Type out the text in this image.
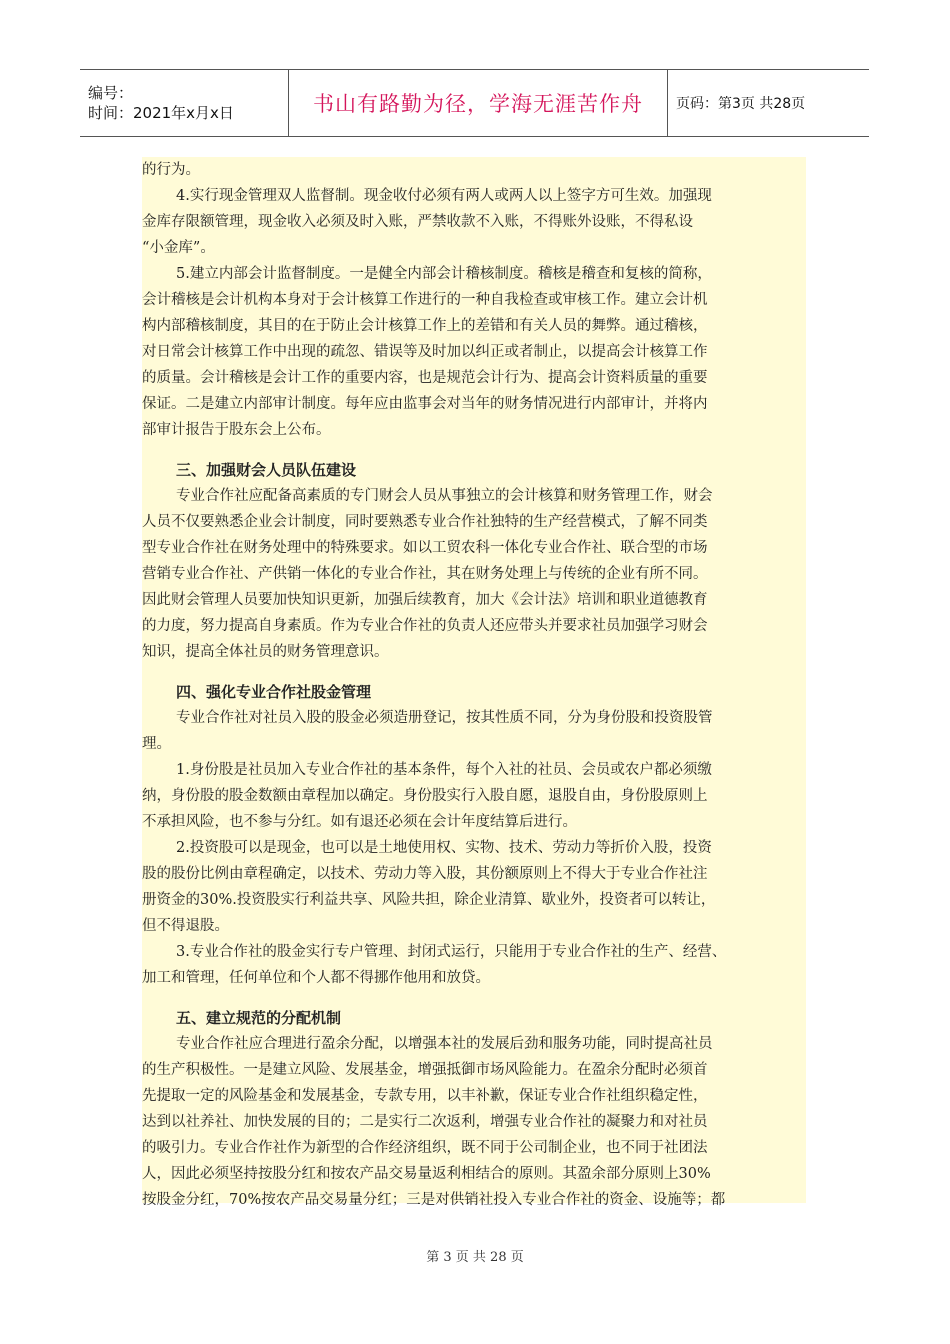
编号：
时间：2021年x月x日	书山有路勤为径，学海无涯苦作舟 页码：第3页 共28页
的行为。
4.实行现金管理双人监督制。现金收付必须有两人或两人以上签字方可生效。加强现
金库存限额管理，现金收入必须及时入账，严禁收款不入账，不得账外设账，不得私设
“小金库”。
5.建立内部会计监督制度。一是健全内部会计稽核制度。稽核是稽查和复核的简称，
会计稽核是会计机构本身对于会计核算工作进行的一种自我检查或审核工作。建立会计机
构内部稽核制度，其目的在于防止会计核算工作上的差错和有关人员的舞弊。通过稽核，
对日常会计核算工作中出现的疏忽、错误等及时加以纠正或者制止，以提高会计核算工作
的质量。会计稽核是会计工作的重要内容，也是规范会计行为、提高会计资料质量的重要
保证。二是建立内部审计制度。每年应由监事会对当年的财务情况进行内部审计，并将内
部审计报告于股东会上公布。
三、加强财会人员队伍建设
专业合作社应配备高素质的专门财会人员从事独立的会计核算和财务管理工作，财会
人员不仅要熟悉企业会计制度，同时要熟悉专业合作社独特的生产经营模式，了解不同类
型专业合作社在财务处理中的特殊要求。如以工贸农科一体化专业合作社、联合型的市场
营销专业合作社、产供销一体化的专业合作社，其在财务处理上与传统的企业有所不同。
因此财会管理人员要加快知识更新，加强后续教育，加大《会计法》培训和职业道德教育
的力度，努力提高自身素质。作为专业合作社的负责人还应带头并要求社员加强学习财会
知识，提高全体社员的财务管理意识。
四、强化专业合作社股金管理
专业合作社对社员入股的股金必须造册登记，按其性质不同，分为身份股和投资股管
理。
1.身份股是社员加入专业合作社的基本条件，每个入社的社员、会员或农户都必须缴
纳，身份股的股金数额由章程加以确定。身份股实行入股自愿，退股自由，身份股原则上
不承担风险，也不参与分红。如有退还必须在会计年度结算后进行。
2.投资股可以是现金，也可以是土地使用权、实物、技术、劳动力等折价入股，投资
股的股份比例由章程确定，以技术、劳动力等入股，其份额原则上不得大于专业合作社注
册资金的30%.投资股实行利益共享、风险共担，除企业清算、歇业外，投资者可以转让，
但不得退股。
3.专业合作社的股金实行专户管理、封闭式运行，只能用于专业合作社的生产、经营、
加工和管理，任何单位和个人都不得挪作他用和放贷。
五、建立规范的分配机制
专业合作社应合理进行盈余分配，以增强本社的发展后劲和服务功能，同时提高社员
的生产积极性。一是建立风险、发展基金，增强抵御市场风险能力。在盈余分配时必须首
先提取一定的风险基金和发展基金，专款专用，以丰补歉，保证专业合作社组织稳定性，
达到以社养社、加快发展的目的；二是实行二次返利，增强专业合作社的凝聚力和对社员
的吸引力。专业合作社作为新型的合作经济组织，既不同于公司制企业，也不同于社团法
人，因此必须坚持按股分红和按农产品交易量返利相结合的原则。其盈余部分原则上30%
按股金分红，70%按农产品交易量分红；三是对供销社投入专业合作社的资金、设施等；都
第 3 页 共 28 页
